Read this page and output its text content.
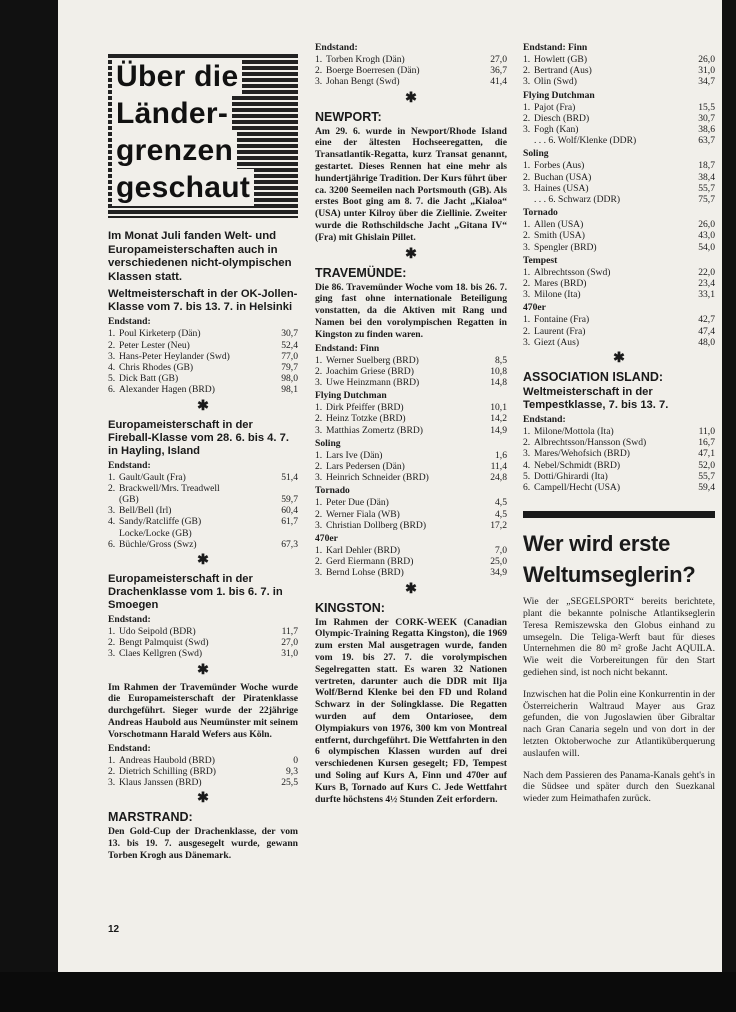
Über die
Länder-
grenzen
geschaut

Im Monat Juli fanden Welt- und Europameisterschaften auch in verschiedenen nicht-olympischen Klassen statt.

Weltmeisterschaft in der OK-Jollen-Klasse vom 7. bis 13. 7. in Helsinki
Endstand:
1. Poul Kirketerp (Dän)	30,7
2. Peter Lester (Neu)	52,4
3. Hans-Peter Heylander (Swd)	77,0
4. Chris Rhodes (GB)	79,7
5. Dick Batt (GB)	98,0
6. Alexander Hagen (BRD)	98,1
✱
Europameisterschaft in der Fireball-Klasse vom 28. 6. bis 4. 7. in Hayling, Island
Endstand:
1. Gault/Gault (Fra)	51,4
2. Brackwell/Mrs. Treadwell
(GB)	59,7
3. Bell/Bell (Irl)	60,4
4. Sandy/Ratcliffe (GB)	61,7
Locke/Locke (GB)
6. Büchle/Gross (Swz)	67,3
✱
Europameisterschaft in der Drachenklasse vom 1. bis 6. 7. in Smoegen
Endstand:
1. Udo Seipold (BDR)	11,7
2. Bengt Palmquist (Swd)	27,0
3. Claes Kellgren (Swd)	31,0
✱

Im Rahmen der Travemünder Woche wurde die Europameisterschaft der Piratenklasse durchgeführt. Sieger wurde der 22jährige Andreas Haubold aus Neumünster mit seinem Vorschotmann Harald Wefers aus Köln.

Endstand:
1. Andreas Haubold (BRD)	0
2. Dietrich Schilling (BRD)	9,3
3. Klaus Janssen (BRD)	25,5
✱
MARSTRAND:

Den Gold-Cup der Drachenklasse, der vom 13. bis 19. 7. ausgesegelt wurde, gewann Torben Krogh aus Dänemark.

12
Endstand:
1. Torben Krogh (Dän)	27,0
2. Boerge Boerresen (Dän)	36,7
3. Johan Bengt (Swd)	41,4
✱
NEWPORT:

Am 29. 6. wurde in Newport/Rhode Island eine der ältesten Hochseeregatten, die Transatlantik-Regatta, kurz Transat genannt, gestartet. Dieses Rennen hat eine mehr als hundertjährige Tradition. Der Kurs führt über ca. 3200 Seemeilen nach Portsmouth (GB). Als erstes Boot ging am 8. 7. die Jacht „Kialoa“ (USA) unter Kilroy über die Ziellinie. Zweiter wurde die Rothschildsche Jacht „Gitana IV“ (Fra) mit Ghislain Pillet.

✱
TRAVEMÜNDE:

Die 86. Travemünder Woche vom 18. bis 26. 7. ging fast ohne internationale Beteiligung vonstatten, da die Aktiven mit Rang und Namen bei den vorolympischen Regatten in Kingston zu finden waren.

Endstand: Finn
1. Werner Suelberg (BRD)	8,5
2. Joachim Griese (BRD)	10,8
3. Uwe Heinzmann (BRD)	14,8
Flying Dutchman
1. Dirk Pfeiffer (BRD)	10,1
2. Heinz Totzke (BRD)	14,2
3. Matthias Zomertz (BRD)	14,9
Soling
1. Lars Ive (Dän)	1,6
2. Lars Pedersen (Dän)	11,4
3. Heinrich Schneider (BRD)	24,8
Tornado
1. Peter Due (Dän)	4,5
2. Werner Fiala (WB)	4,5
3. Christian Dollberg (BRD)	17,2
470er
1. Karl Dehler (BRD)	7,0
2. Gerd Eiermann (BRD)	25,0
3. Bernd Lohse (BRD)	34,9
✱
KINGSTON:

Im Rahmen der CORK-WEEK (Canadian Olympic-Training Regatta Kingston), die 1969 zum ersten Mal ausgetragen wurde, fanden vom 19. bis 27. 7. die vorolympischen Segelregatten statt. Es waren 32 Nationen vertreten, darunter auch die DDR mit Ilja Wolf/Bernd Klenke bei den FD und Roland Schwarz in der Solingklasse. Die Regatten wurden auf dem Ontariosee, dem Olympiakurs von 1976, 300 km von Montreal entfernt, durchgeführt. Die Wettfahrten in den 6 olympischen Klassen wurden auf drei verschiedenen Kursen gesegelt; FD, Tempest und Soling auf Kurs A, Finn und 470er auf Kurs B, Tornado auf Kurs C. Jede Wettfahrt durfte höchstens 4½ Stunden Zeit erfordern.

Endstand: Finn
1. Howlett (GB)	26,0
2. Bertrand (Aus)	31,0
3. Olin (Swd)	34,7
Flying Dutchman
1. Pajot (Fra)	15,5
2. Diesch (BRD)	30,7
3. Fogh (Kan)	38,6
. . . 6. Wolf/Klenke (DDR)	63,7
Soling
1. Forbes (Aus)	18,7
2. Buchan (USA)	38,4
3. Haines (USA)	55,7
. . . 6. Schwarz (DDR)	75,7
Tornado
1. Allen (USA)	26,0
2. Smith (USA)	43,0
3. Spengler (BRD)	54,0
Tempest
1. Albrechtsson (Swd)	22,0
2. Mares (BRD)	23,4
3. Milone (Ita)	33,1
470er
1. Fontaine (Fra)	42,7
2. Laurent (Fra)	47,4
3. Giezt (Aus)	48,0
✱
ASSOCIATION ISLAND:
Weltmeisterschaft in der Tempestklasse, 7. bis 13. 7.
Endstand:
1. Milone/Mottola (Ita)	11,0
2. Albrechtsson/Hansson (Swd)	16,7
3. Mares/Wehofsich (BRD)	47,1
4. Nebel/Schmidt (BRD)	52,0
5. Dotti/Ghirardi (Ita)	55,7
6. Campell/Hecht (USA)	59,4
Wer wird erste Weltumseglerin?

Wie der „SEGELSPORT“ bereits berichtete, plant die bekannte polnische Atlantikseglerin Teresa Remiszewska den Globus einhand zu umsegeln. Die Teliga-Werft baut für dieses Unternehmen die 80 m² große Jacht AQUILA. Wie weit die Vorbereitungen für den Start gediehen sind, ist noch nicht bekannt.

Inzwischen hat die Polin eine Konkurrentin in der Österreicherin Waltraud Mayer aus Graz gefunden, die von Jugoslawien über Gibraltar nach Gran Canaria segeln und von dort in der letzten Oktoberwoche zur Atlantiküberquerung auslaufen will.

Nach dem Passieren des Panama-Kanals geht's in die Südsee und später durch den Suezkanal wieder zum Heimathafen zurück.
